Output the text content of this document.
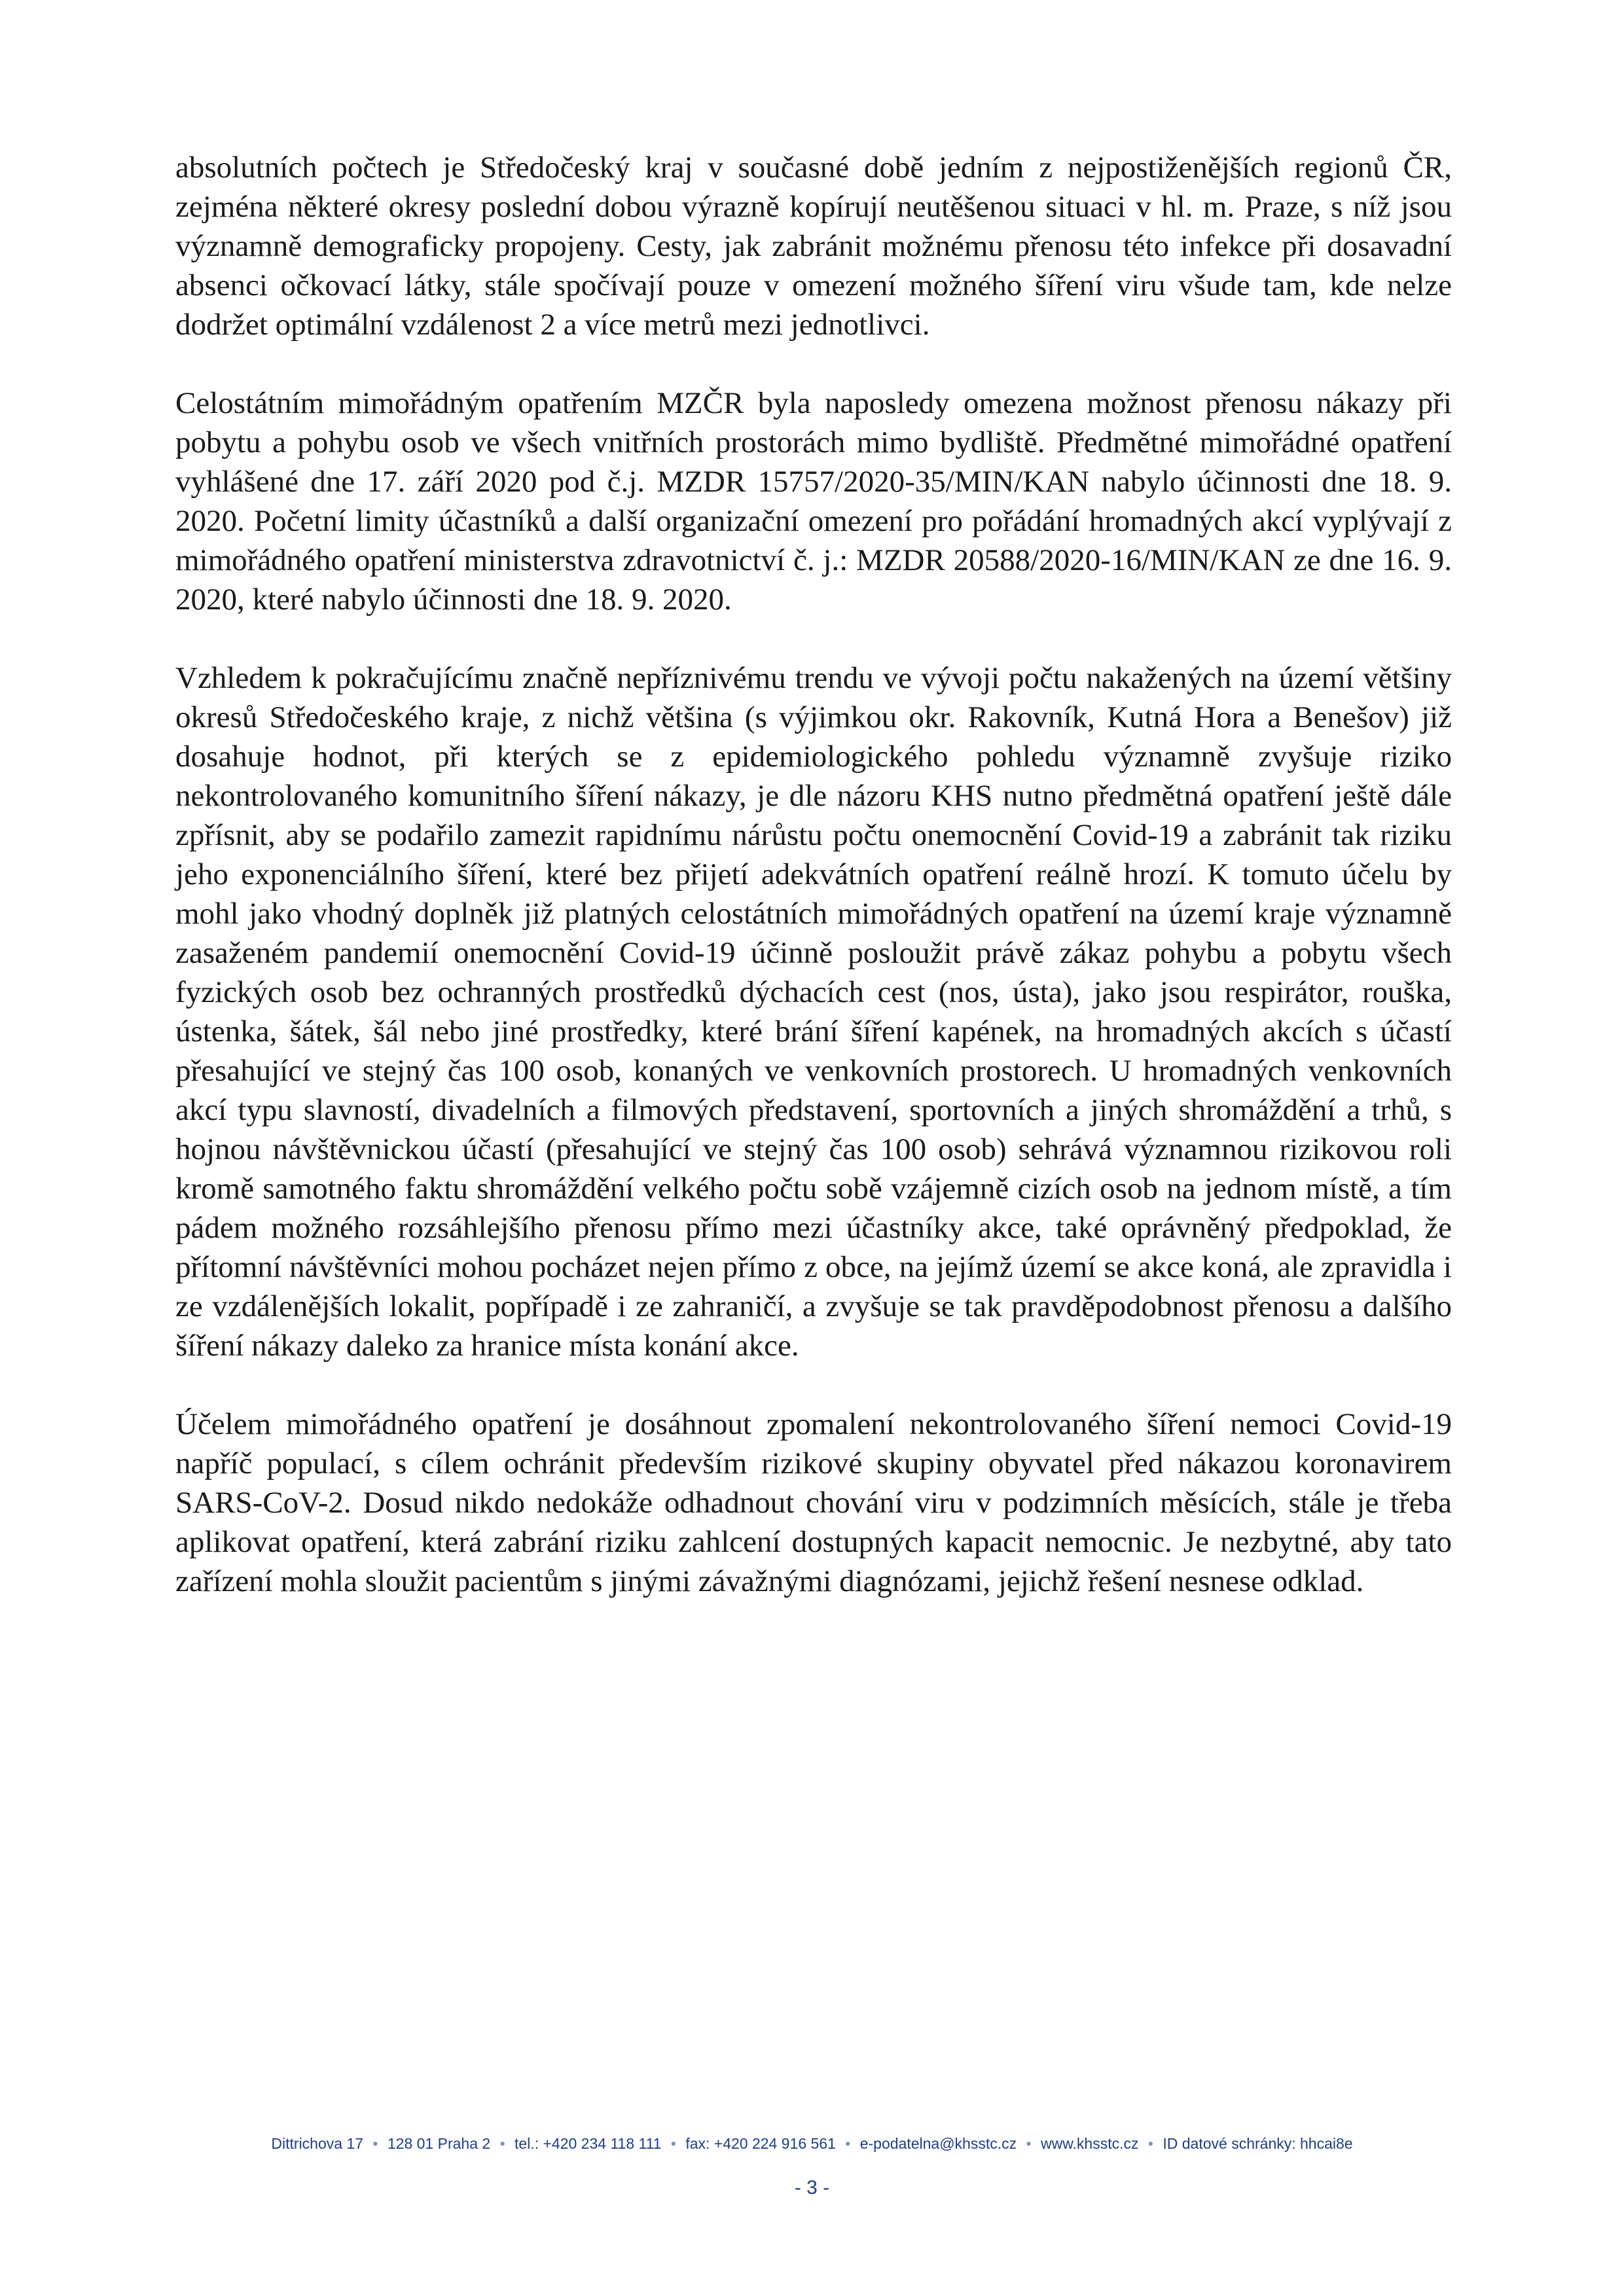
absolutních počtech je Středočeský kraj v současné době jedním z nejpostiženějších regionů ČR, zejména některé okresy poslední dobou výrazně kopírují neutěšenou situaci v hl. m. Praze, s níž jsou významně demograficky propojeny. Cesty, jak zabránit možnému přenosu této infekce při dosavadní absenci očkovací látky, stále spočívají pouze v omezení možného šíření viru všude tam, kde nelze dodržet optimální vzdálenost 2 a více metrů mezi jednotlivci.

Celostátním mimořádným opatřením MZČR byla naposledy omezena možnost přenosu nákazy při pobytu a pohybu osob ve všech vnitřních prostorách mimo bydliště. Předmětné mimořádné opatření vyhlášené dne 17. září 2020 pod č.j. MZDR 15757/2020-35/MIN/KAN nabylo účinnosti dne 18. 9. 2020. Početní limity účastníků a další organizační omezení pro pořádání hromadných akcí vyplývají z mimořádného opatření ministerstva zdravotnictví č. j.: MZDR 20588/2020-16/MIN/KAN ze dne 16. 9. 2020, které nabylo účinnosti dne 18. 9. 2020.

Vzhledem k pokračujícímu značně nepříznivému trendu ve vývoji počtu nakažených na území většiny okresů Středočeského kraje, z nichž většina (s výjimkou okr. Rakovník, Kutná Hora a Benešov) již dosahuje hodnot, při kterých se z epidemiologického pohledu významně zvyšuje riziko nekontrolovaného komunitního šíření nákazy, je dle názoru KHS nutno předmětná opatření ještě dále zpřísnit, aby se podařilo zamezit rapidnímu nárůstu počtu onemocnění Covid-19 a zabránit tak riziku jeho exponenciálního šíření, které bez přijetí adekvátních opatření reálně hrozí. K tomuto účelu by mohl jako vhodný doplněk již platných celostátních mimořádných opatření na území kraje významně zasaženém pandemií onemocnění Covid-19 účinně posloužit právě zákaz pohybu a pobytu všech fyzických osob bez ochranných prostředků dýchacích cest (nos, ústa), jako jsou respirátor, rouška, ústenka, šátek, šál nebo jiné prostředky, které brání šíření kapének, na hromadných akcích s účastí přesahující ve stejný čas 100 osob, konaných ve venkovních prostorech. U hromadných venkovních akcí typu slavností, divadelních a filmových představení, sportovních a jiných shromáždění a trhů, s hojnou návštěvnickou účastí (přesahující ve stejný čas 100 osob) sehrává významnou rizikovou roli kromě samotného faktu shromáždění velkého počtu sobě vzájemně cizích osob na jednom místě, a tím pádem možného rozsáhlejšího přenosu přímo mezi účastníky akce, také oprávněný předpoklad, že přítomní návštěvníci mohou pocházet nejen přímo z obce, na jejímž území se akce koná, ale zpravidla i ze vzdálenějších lokalit, popřípadě i ze zahraničí, a zvyšuje se tak pravděpodobnost přenosu a dalšího šíření nákazy daleko za hranice místa konání akce.

Účelem mimořádného opatření je dosáhnout zpomalení nekontrolovaného šíření nemoci Covid-19 napříč populací, s cílem ochránit především rizikové skupiny obyvatel před nákazou koronavirem SARS-CoV-2. Dosud nikdo nedokáže odhadnout chování viru v podzimních měsících, stále je třeba aplikovat opatření, která zabrání riziku zahlcení dostupných kapacit nemocnic. Je nezbytné, aby tato zařízení mohla sloužit pacientům s jinými závažnými diagnózami, jejichž řešení nesnese odklad.

Dittrichova 17 • 128 01 Praha 2 • tel.: +420 234 118 111 • fax: +420 224 916 561 • e-podatelna@khsstc.cz • www.khsstc.cz • ID datové schránky: hhcai8e
- 3 -
